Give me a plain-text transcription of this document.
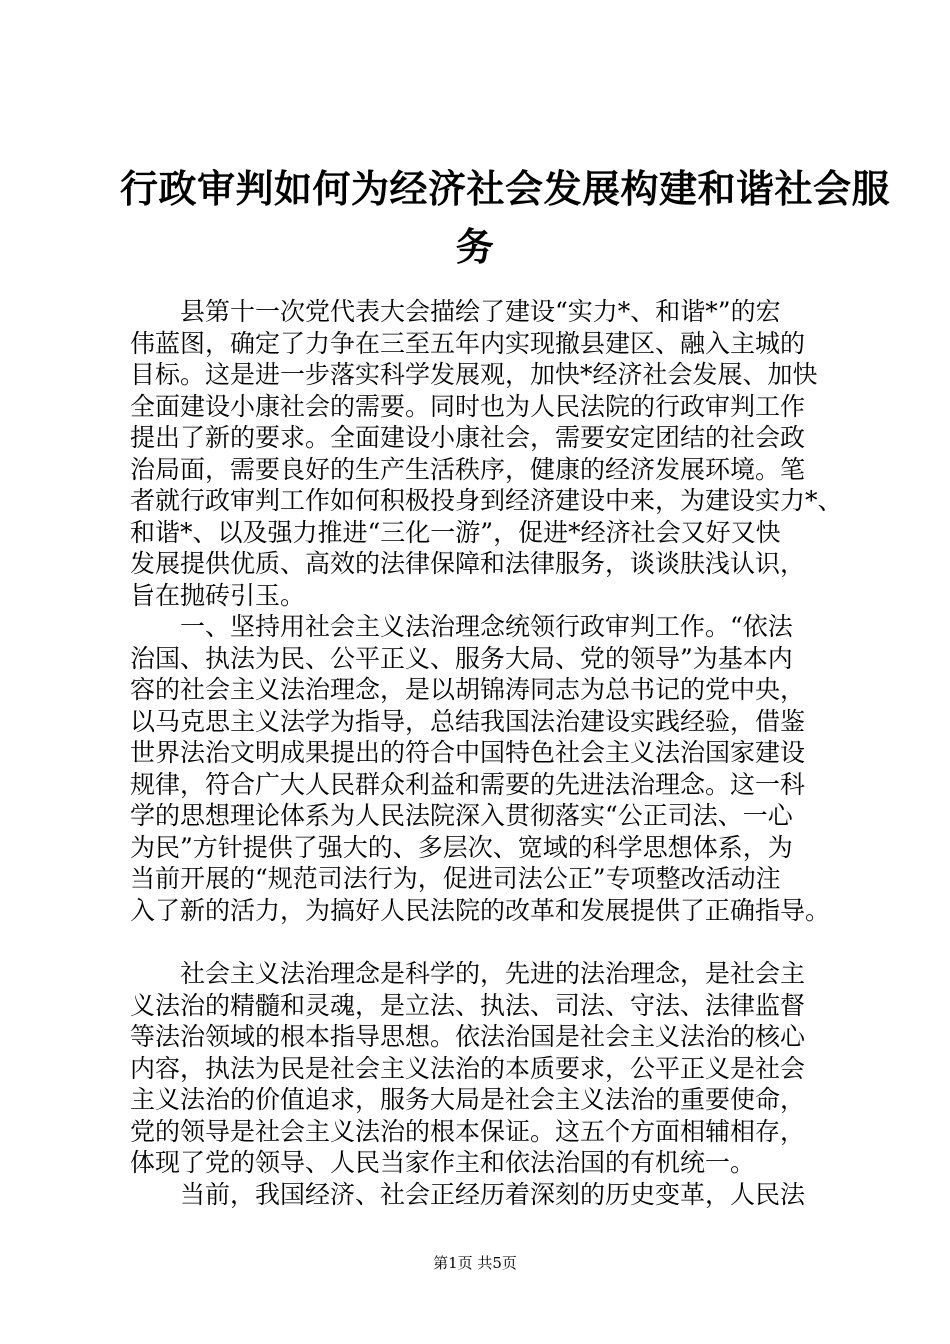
行政审判如何为经济社会发展构建和谐社会服
务
县第十一次党代表大会描绘了建设“实力*、和谐*”的宏
伟蓝图，确定了力争在三至五年内实现撤县建区、融入主城的
目标。这是进一步落实科学发展观，加快*经济社会发展、加快
全面建设小康社会的需要。同时也为人民法院的行政审判工作
提出了新的要求。全面建设小康社会，需要安定团结的社会政
治局面，需要良好的生产生活秩序，健康的经济发展环境。笔
者就行政审判工作如何积极投身到经济建设中来，为建设实力*、
和谐*、以及强力推进“三化一游”，促进*经济社会又好又快
发展提供优质、高效的法律保障和法律服务，谈谈肤浅认识，
旨在抛砖引玉。
一、坚持用社会主义法治理念统领行政审判工作。“依法
治国、执法为民、公平正义、服务大局、党的领导”为基本内
容的社会主义法治理念，是以胡锦涛同志为总书记的党中央，
以马克思主义法学为指导，总结我国法治建设实践经验，借鉴
世界法治文明成果提出的符合中国特色社会主义法治国家建设
规律，符合广大人民群众利益和需要的先进法治理念。这一科
学的思想理论体系为人民法院深入贯彻落实“公正司法、一心
为民”方针提供了强大的、多层次、宽域的科学思想体系，为
当前开展的“规范司法行为，促进司法公正”专项整改活动注
入了新的活力，为搞好人民法院的改革和发展提供了正确指导。
社会主义法治理念是科学的，先进的法治理念，是社会主
义法治的精髓和灵魂，是立法、执法、司法、守法、法律监督
等法治领域的根本指导思想。依法治国是社会主义法治的核心
内容，执法为民是社会主义法治的本质要求，公平正义是社会
主义法治的价值追求，服务大局是社会主义法治的重要使命，
党的领导是社会主义法治的根本保证。这五个方面相辅相存，
体现了党的领导、人民当家作主和依法治国的有机统一。
当前，我国经济、社会正经历着深刻的历史变革，人民法
第1页 共5页
